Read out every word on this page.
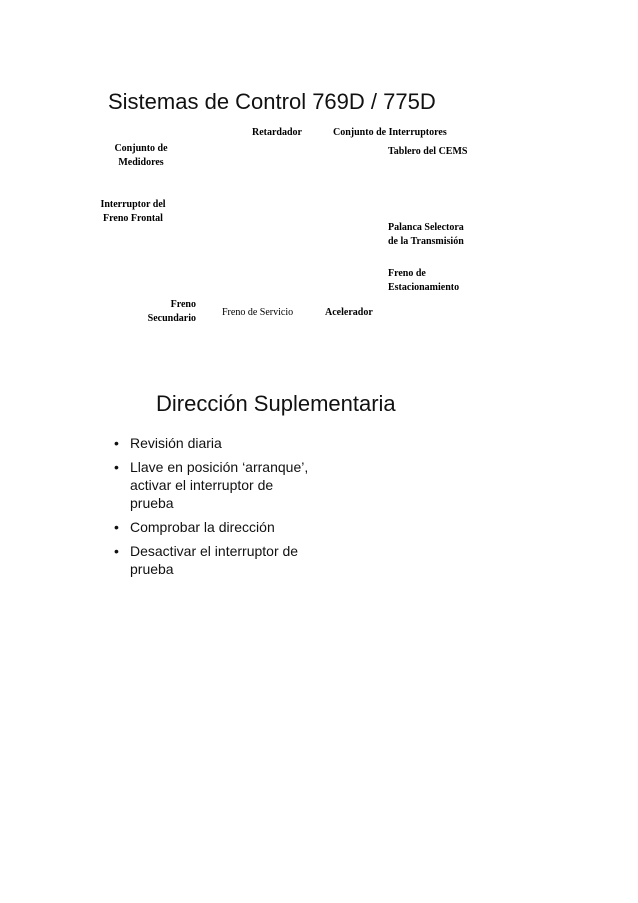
Sistemas de Control 769D / 775D
Retardador	Conjunto de Interruptores
Conjunto de
Medidores
Tablero del CEMS
Interruptor del
Freno Frontal
Palanca Selectora
de la Transmisión
Freno de
Estacionamiento
Freno
Secundario
Freno de Servicio	Acelerador
Dirección Suplementaria
• Revisión diaria
• Llave en posición ‘arranque’, activar el interruptor de prueba
• Comprobar la dirección
• Desactivar el interruptor de prueba
